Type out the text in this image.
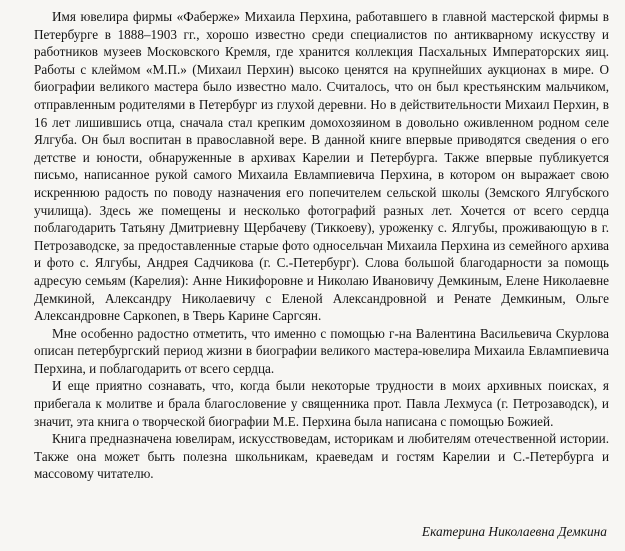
Имя ювелира фирмы «Фаберже» Михаила Перхина, работавшего в главной мастерской фирмы в Петербурге в 1888–1903 гг., хорошо известно среди специалистов по антикварному искусству и работников музеев Московского Кремля, где хранится коллекция Пасхальных Императорских яиц. Работы с клеймом «М.П.» (Михаил Перхин) высоко ценятся на крупнейших аукционах в мире. О биографии великого мастера было известно мало. Считалось, что он был крестьянским мальчиком, отправленным родителями в Петербург из глухой деревни. Но в действительности Михаил Перхин, в 16 лет лишившись отца, сначала стал крепким домохозяином в довольно оживленном родном селе Ялгуба. Он был воспитан в православной вере. В данной книге впервые приводятся сведения о его детстве и юности, обнаруженные в архивах Карелии и Петербурга. Также впервые публикуется письмо, написанное рукой самого Михаила Евлампиевича Перхина, в котором он выражает свою искреннюю радость по поводу назначения его попечителем сельской школы (Земского Ялгубского училища). Здесь же помещены и несколько фотографий разных лет. Хочется от всего сердца поблагодарить Татьяну Дмитриевну Щербачеву (Тиккоеву), уроженку с. Ялгубы, проживающую в г. Петрозаводске, за предоставленные старые фото односельчан Михаила Перхина из семейного архива и фото с. Ялгубы, Андрея Садчикова (г. С.-Петербург). Слова большой благодарности за помощь адресую семьям (Карелия): Анне Никифоровне и Николаю Ивановичу Демкиным, Елене Николаевне Демкиной, Александру Николаевичу с Еленой Александровной и Ренате Демкиным, Ольге Александровне Саркonen, в Тверь Карине Саргсян.

Мне особенно радостно отметить, что именно с помощью г-на Валентина Васильевича Скурлова описан петербургский период жизни в биографии великого мастера-ювелира Михаила Евлампиевича Перхина, и поблагодарить от всего сердца.

И еще приятно сознавать, что, когда были некоторые трудности в моих архивных поисках, я прибегала к молитве и брала благословение у священника прот. Павла Лехмуса (г. Петрозаводск), и значит, эта книга о творческой биографии М.Е. Перхина была написана с помощью Божией.

Книга предназначена ювелирам, искусствоведам, историкам и любителям отечественной истории. Также она может быть полезна школьникам, краеведам и гостям Карелии и С.-Петербурга и массовому читателю.

Екатерина Николаевна Демкина
